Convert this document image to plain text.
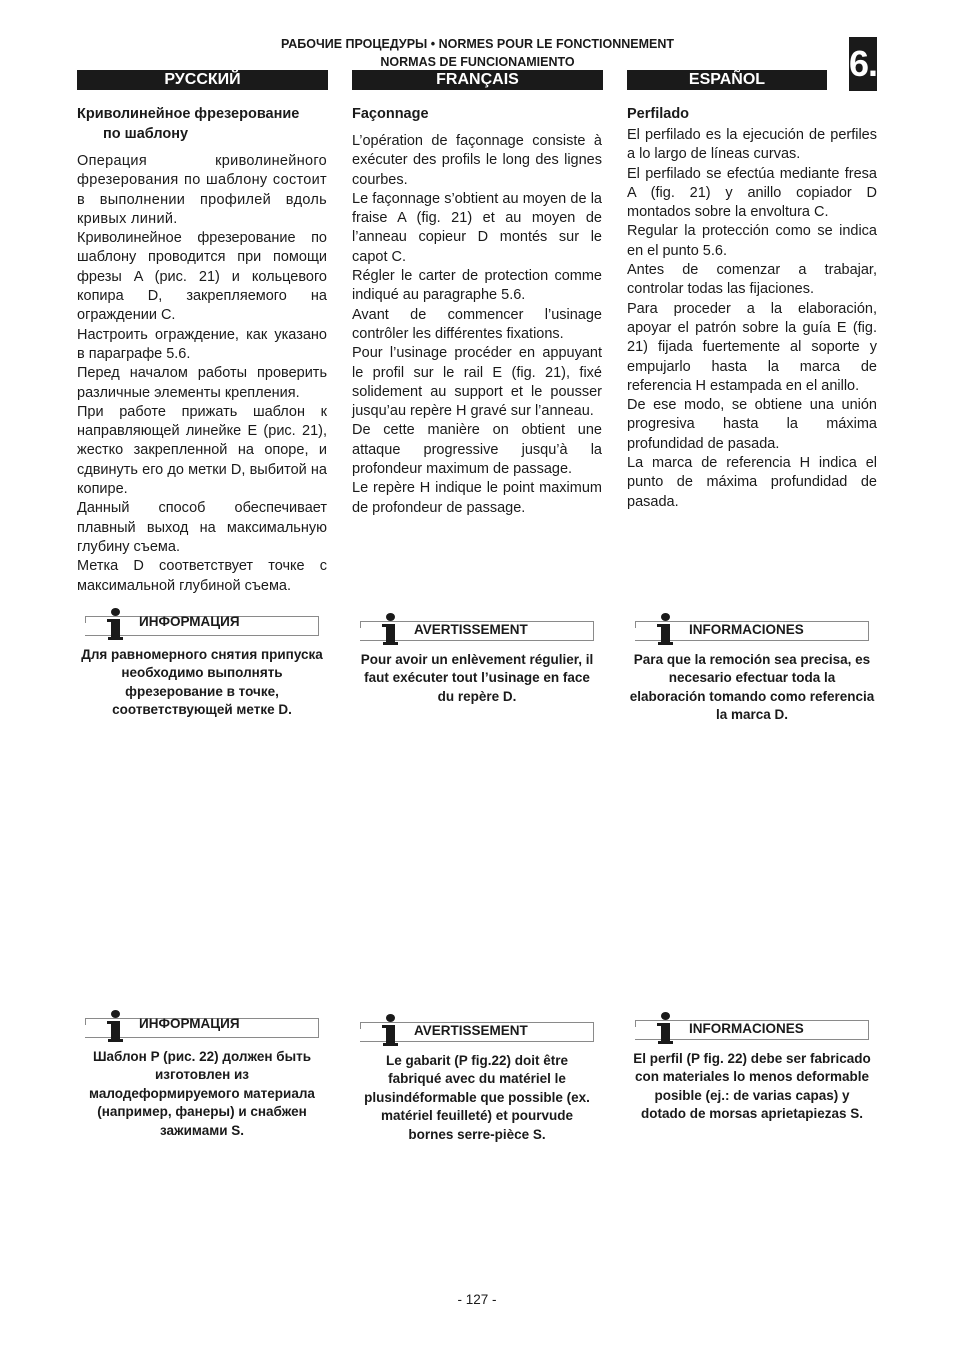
РАБОЧИЕ ПРОЦЕДУРЫ • NORMES POUR LE FONCTIONNEMENT
NORMAS DE FUNCIONAMIENTO	6.
РУССКИЙ	FRANÇAIS	ESPAÑOL
Криволинейное фрезерование
по шаблону

Операция криволинейного фрезерования по шаблону состоит в выполнении профилей вдоль кривых линий.

Криволинейное фрезерование по шаблону проводится при помощи фрезы A (рис. 21) и кольцевого копира D, закрепляемого на ограждении C.

Настроить ограждение, как указано в параграфе 5.6.

Перед началом работы проверить различные элементы крепления.

При работе прижать шаблон к направляющей линейке E (рис. 21), жестко закрепленной на опоре, и сдвинуть его до метки D, выбитой на копире.

Данный способ обеспечивает плавный выход на максимальную глубину съема.

Метка D соответствует точке с максимальной глубиной съема.

Façonnage

L’opération de façonnage consiste à exécuter des profils le long des lignes courbes.

Le façonnage s’obtient au moyen de la fraise A (fig. 21) et au moyen de l’anneau copieur D montés sur le capot C.

Régler le carter de protection comme indiqué au paragraphe 5.6.

Avant de commencer l’usinage contrôler les différentes fixations.

Pour l’usinage procéder en appuyant le profil sur le rail E (fig. 21), fixé solidement au support et le pousser jusqu’au repère H gravé sur l’anneau.

De cette manière on obtient une attaque progressive jusqu’à la profondeur maximum de passage.

Le repère H indique le point maximum de profondeur de passage.

Perfilado

El perfilado es la ejecución de perfiles a lo largo de líneas curvas.

El perfilado se efectúa mediante fresa A (fig. 21) y anillo copiador D montados sobre la envoltura C.

Regular la protección como se indica en el punto 5.6.

Antes de comenzar a trabajar, controlar todas las fijaciones.

Para proceder a la elaboración, apoyar el patrón sobre la guía E (fig. 21) fijada fuertemente al soporte y empujarlo hasta la marca de referencia H estampada en el anillo.

De ese modo, se obtiene una unión progresiva hasta la máxima profundidad de pasada.

La marca de referencia H indica el punto de máxima profundidad de pasada.

ИНФОРМАЦИЯ
Для равномерного снятия припуска необходимо выполнять фрезерование в точке, соответствующей метке D.
AVERTISSEMENT
Pour avoir un enlèvement régulier, il faut exécuter tout l’usinage en face du repère D.
INFORMACIONES
Para que la remoción sea precisa, es necesario efectuar toda la elaboración tomando como referencia la marca D.
ИНФОРМАЦИЯ
Шаблон P (рис. 22) должен быть изготовлен из малодеформируемого материала (например, фанеры) и снабжен зажимами S.
AVERTISSEMENT
Le gabarit (P fig.22) doit être fabriqué avec du matériel le plusindéformable que possible (ex. matériel feuilleté) et pourvude bornes serre-pièce S.
INFORMACIONES
El perfil (P fig. 22) debe ser fabricado con materiales lo menos deformable posible (ej.: de varias capas) y dotado de morsas aprietapiezas S.
- 127 -
